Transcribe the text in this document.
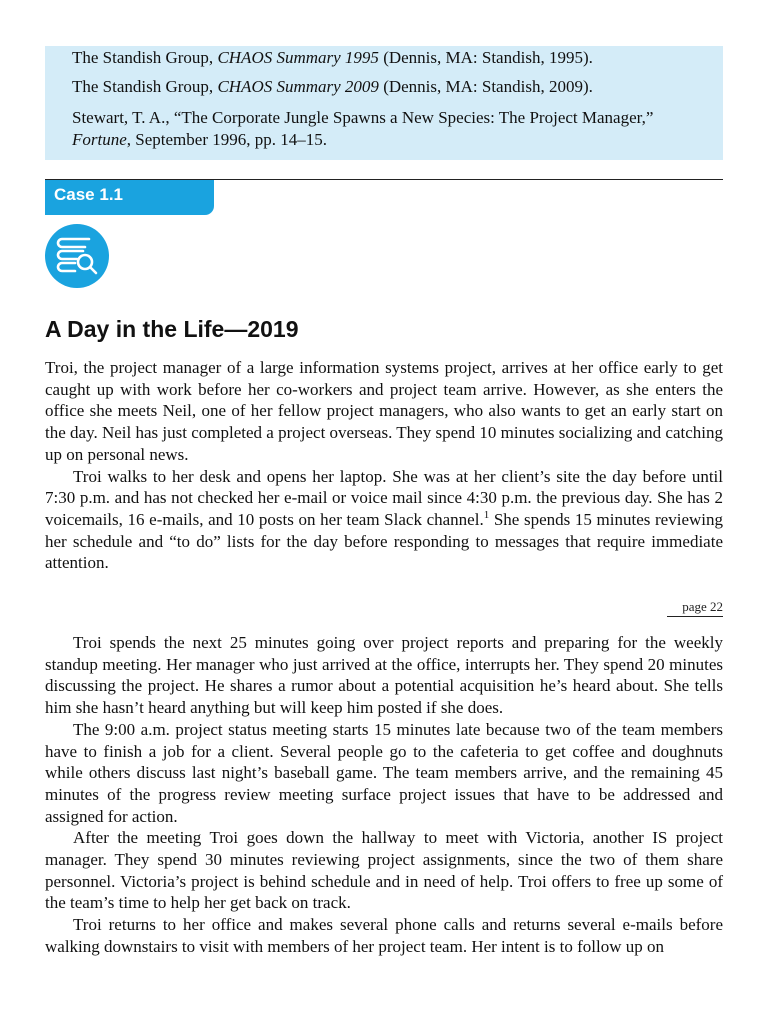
The Standish Group, CHAOS Summary 1995 (Dennis, MA: Standish, 1995).

The Standish Group, CHAOS Summary 2009 (Dennis, MA: Standish, 2009).

Stewart, T. A., “The Corporate Jungle Spawns a New Species: The Project Manager,” Fortune, September 1996, pp. 14–15.

Case 1.1
A Day in the Life—2019

Troi, the project manager of a large information systems project, arrives at her office early to get caught up with work before her co-workers and project team arrive. However, as she enters the office she meets Neil, one of her fellow project managers, who also wants to get an early start on the day. Neil has just completed a project overseas. They spend 10 minutes socializing and catching up on personal news.

Troi walks to her desk and opens her laptop. She was at her client’s site the day before until 7:30 p.m. and has not checked her e-mail or voice mail since 4:30 p.m. the previous day. She has 2 voicemails, 16 e-mails, and 10 posts on her team Slack channel.$^1$ She spends 15 minutes reviewing her schedule and “to do” lists for the day before responding to messages that require immediate attention.

page 22

Troi spends the next 25 minutes going over project reports and preparing for the weekly standup meeting. Her manager who just arrived at the office, interrupts her. They spend 20 minutes discussing the project. He shares a rumor about a potential acquisition he’s heard about. She tells him she hasn’t heard anything but will keep him posted if she does.

The 9:00 a.m. project status meeting starts 15 minutes late because two of the team members have to finish a job for a client. Several people go to the cafeteria to get coffee and doughnuts while others discuss last night’s baseball game. The team members arrive, and the remaining 45 minutes of the progress review meeting surface project issues that have to be addressed and assigned for action.

After the meeting Troi goes down the hallway to meet with Victoria, another IS project manager. They spend 30 minutes reviewing project assignments, since the two of them share personnel. Victoria’s project is behind schedule and in need of help. Troi offers to free up some of the team’s time to help her get back on track.

Troi returns to her office and makes several phone calls and returns several e-mails before walking downstairs to visit with members of her project team. Her intent is to follow up on
